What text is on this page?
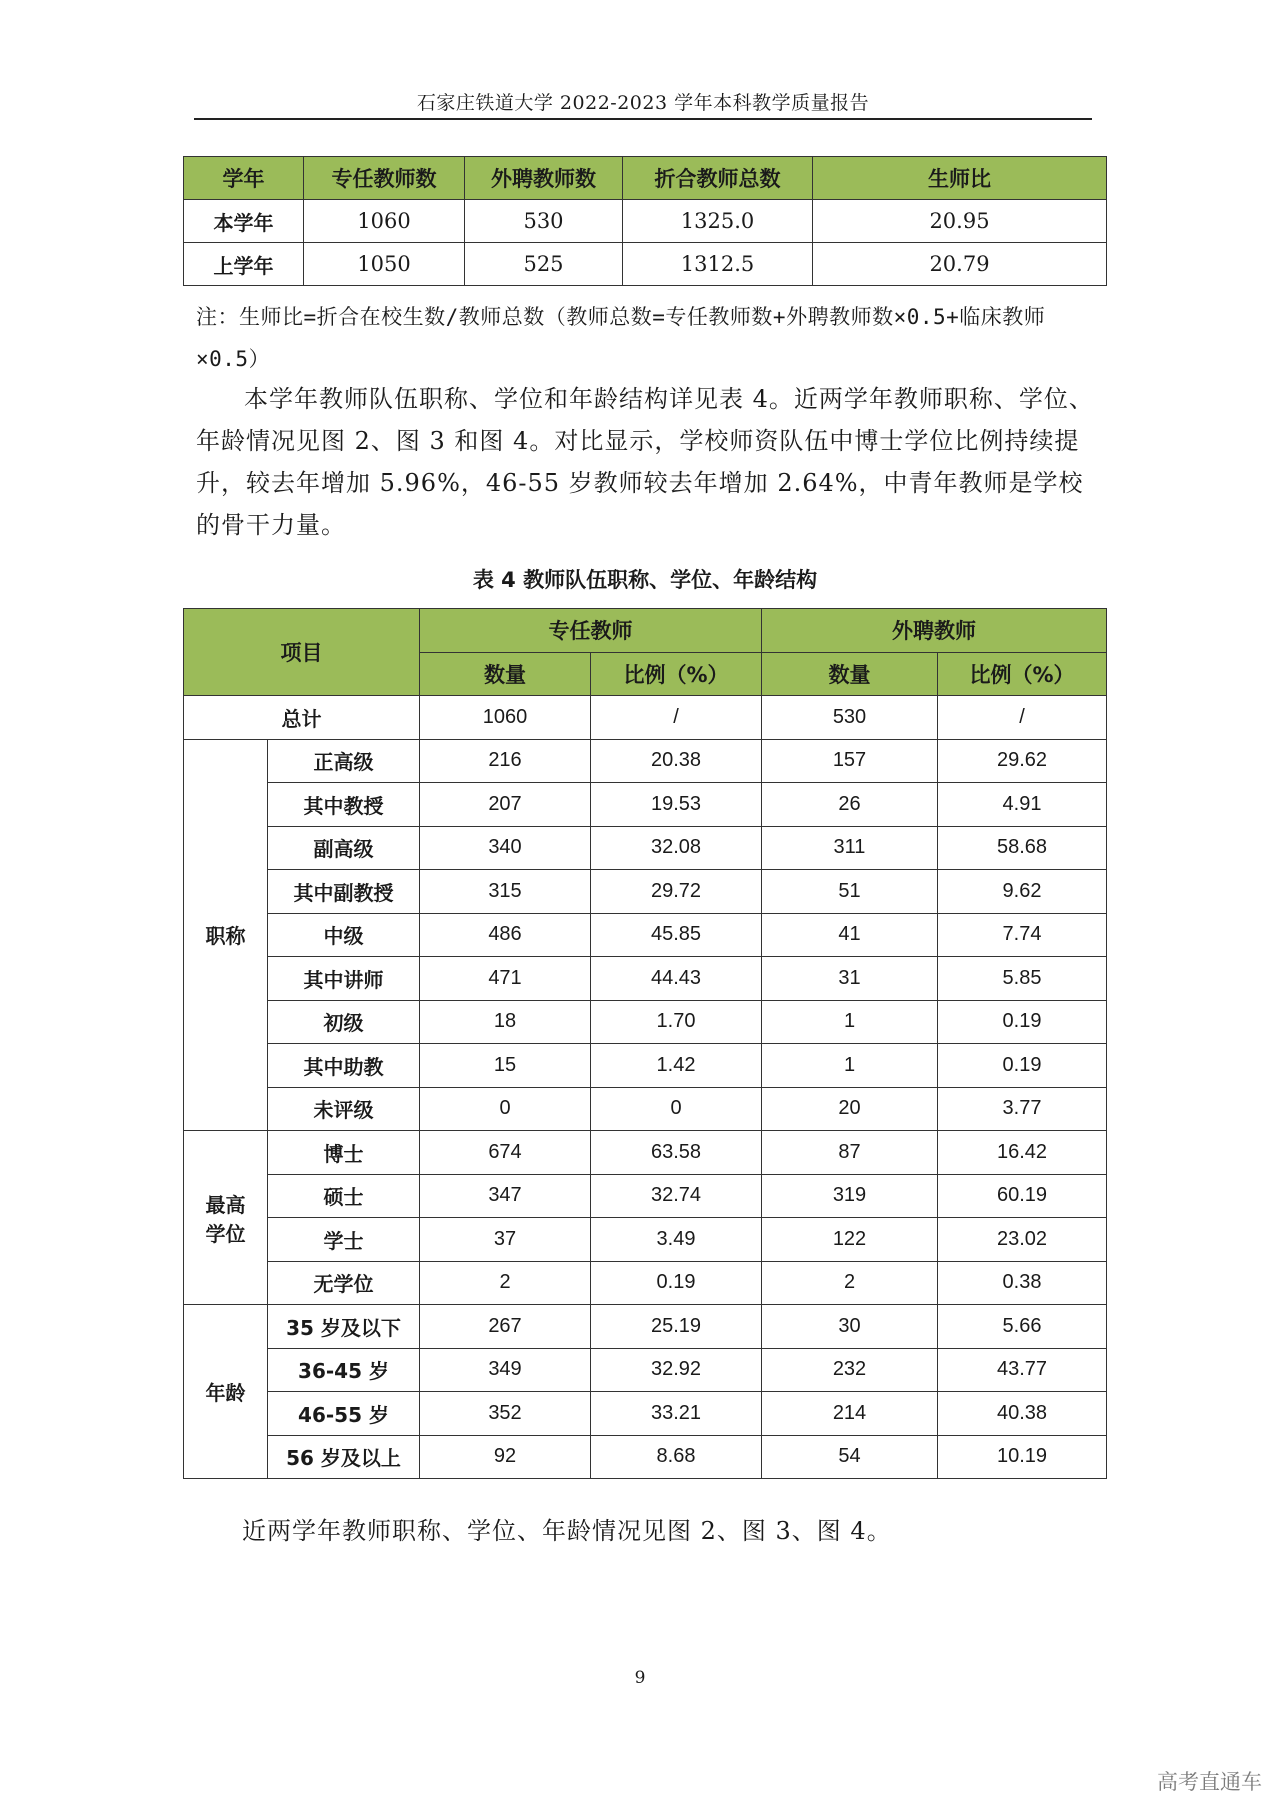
石家庄铁道大学 2022-2023 学年本科教学质量报告
学年	专任教师数	外聘教师数	折合教师总数	生师比
本学年	1060	530	1325.0	20.95
上学年	1050	525	1312.5	20.79
注：生师比=折合在校生数/教师总数（教师总数=专任教师数+外聘教师数×0.5+临床教师×0.5）
本学年教师队伍职称、学位和年龄结构详见表 4。近两学年教师职称、学位、年龄情况见图 2、图 3 和图 4。对比显示，学校师资队伍中博士学位比例持续提升，较去年增加 5.96%，46-55 岁教师较去年增加 2.64%，中青年教师是学校的骨干力量。
表 4 教师队伍职称、学位、年龄结构
项目		专任教师		外聘教师	
		数量	比例（%）	数量	比例（%）
总计		1060	/	530	/
职称	正高级	216	20.38	157	29.62
	其中教授	207	19.53	26	4.91
	副高级	340	32.08	311	58.68
	其中副教授	315	29.72	51	9.62
	中级	486	45.85	41	7.74
	其中讲师	471	44.43	31	5.85
	初级	18	1.70	1	0.19
	其中助教	15	1.42	1	0.19
	未评级	0	0	20	3.77
最高学位	博士	674	63.58	87	16.42
	硕士	347	32.74	319	60.19
	学士	37	3.49	122	23.02
	无学位	2	0.19	2	0.38
年龄	35 岁及以下	267	25.19	30	5.66
	36-45 岁	349	32.92	232	43.77
	46-55 岁	352	33.21	214	40.38
	56 岁及以上	92	8.68	54	10.19
近两学年教师职称、学位、年龄情况见图 2、图 3、图 4。
9
高考直通车
